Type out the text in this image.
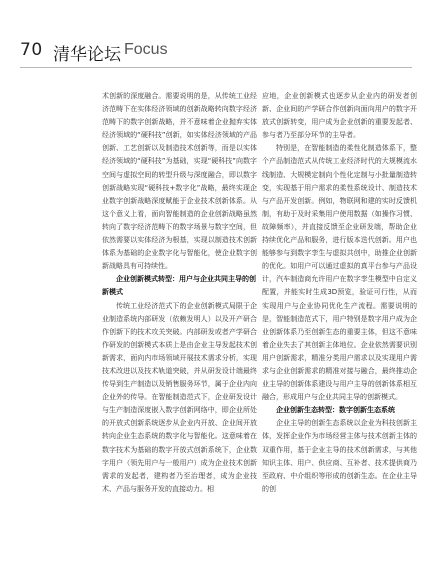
70 清华论坛 Focus

术创新的深度融合。需要说明的是，从传统工业经济范畴下在实体经济领域的创新战略转向数字经济范畴下的数字创新战略，并不意味着企业抛弃实体经济领域的“硬科技”创新，如实体经济领域的产品创新、工艺创新以及制造技术创新等，而是以实体经济领域的“硬科技”为基础，实现“硬科技”向数字空间与虚拟空间的转型升级与深度融合，即以数字创新战略实现“硬科技+数字化”战略，最终实现企业数字创新战略深度赋能于企业技术创新体系。从这个意义上看，面向智能制造的企业创新战略虽然转向了数字经济范畴下的数字场景与数字空间，但依然需要以实体经济为根基，实现以制造技术创新体系为基础的企业数字化与智能化，使企业数字创新战略具有可持续性。

企业创新模式转型：用户与企业共同主导的创新模式

传统工业经济范式下的企业创新模式局限于企业制造系统内部研发（依赖发明人）以及开产研合作创新下的技术攻关突破。内部研发或者产学研合作研发的创新模式本质上是由企业主导发起技术创新需求，面向内市场领域开展技术需求分析，实现技术改进以及技术轨道突破，并从研发设计端最终传导到生产制造以及销售服务环节，属于企业内向企业外的传导。在智能制造范式下，企业研发设计与生产制造深度嵌入数字创新网络中，即企业所处的开放式创新系统逐步从企业内开放、企业间开放转向企业生态系统的数字化与智能化。这意味着在数字技术为基础的数字开放式创新系统下，企业数字用户（领先用户与一般用户）成为企业技术创新需求的发起者，建构者乃至治理者，成为企业技术、产品与服务开发的直接动力。相

应地，企业创新模式也逐步从企业内的研发者创新、企业间的产学研合作创新向面向用户的数字开放式创新转变，用户成为企业创新的重要发起者、参与者乃至部分环节的主导者。

特别是，在智能制造的柔性化制造体系下，整个产品制造范式从传统工业经济时代的大规模流水线制造、大规模定制向个性化定制与小批量制造转变，实现基于用户需求的柔性系统设计、制造技术与产品开发创新。例如，物联网和建的实时反馈机制，有助于及时采集用户使用数据（如操作习惯、故障频率），并直接反馈至企业研发端，帮助企业持续优化产品和服务，进行版本迭代创新。用户也能够参与到数字孪生与虚拟共创中，助推企业创新的优化。如用户可以通过虚拟的真平台参与产品设计，汽车制造商允许用户在数字孪生模型中自定义配置，并能实时生成3D预览，验证可行性，从而实现用户与企业协同优化生产流程。需要说明的是，智能制造范式下，用户特别是数字用户成为企业创新体系乃至创新生态的重要主体，但这不意味着企业失去了其创新主体地位。企业依然需要识别用户创新需求，精准分类用户需求以及实现用户需求与企业创新需求的精准对接与融合，最终推动企业主导的创新体系建设与用户主导的创新体系相互融合，形成用户与企业共同主导的创新模式。

企业创新生态转型：数字创新生态系统

企业主导的创新生态系统以企业为科技创新主体，发挥企业作为市场经营主体与技术创新主体的双重作用，基于企业主导的技术创新需求，与其他知识主体、用户、供应商、互补者、技术提供商乃至政府、中介组织等形成的创新生态。在企业主导的创
